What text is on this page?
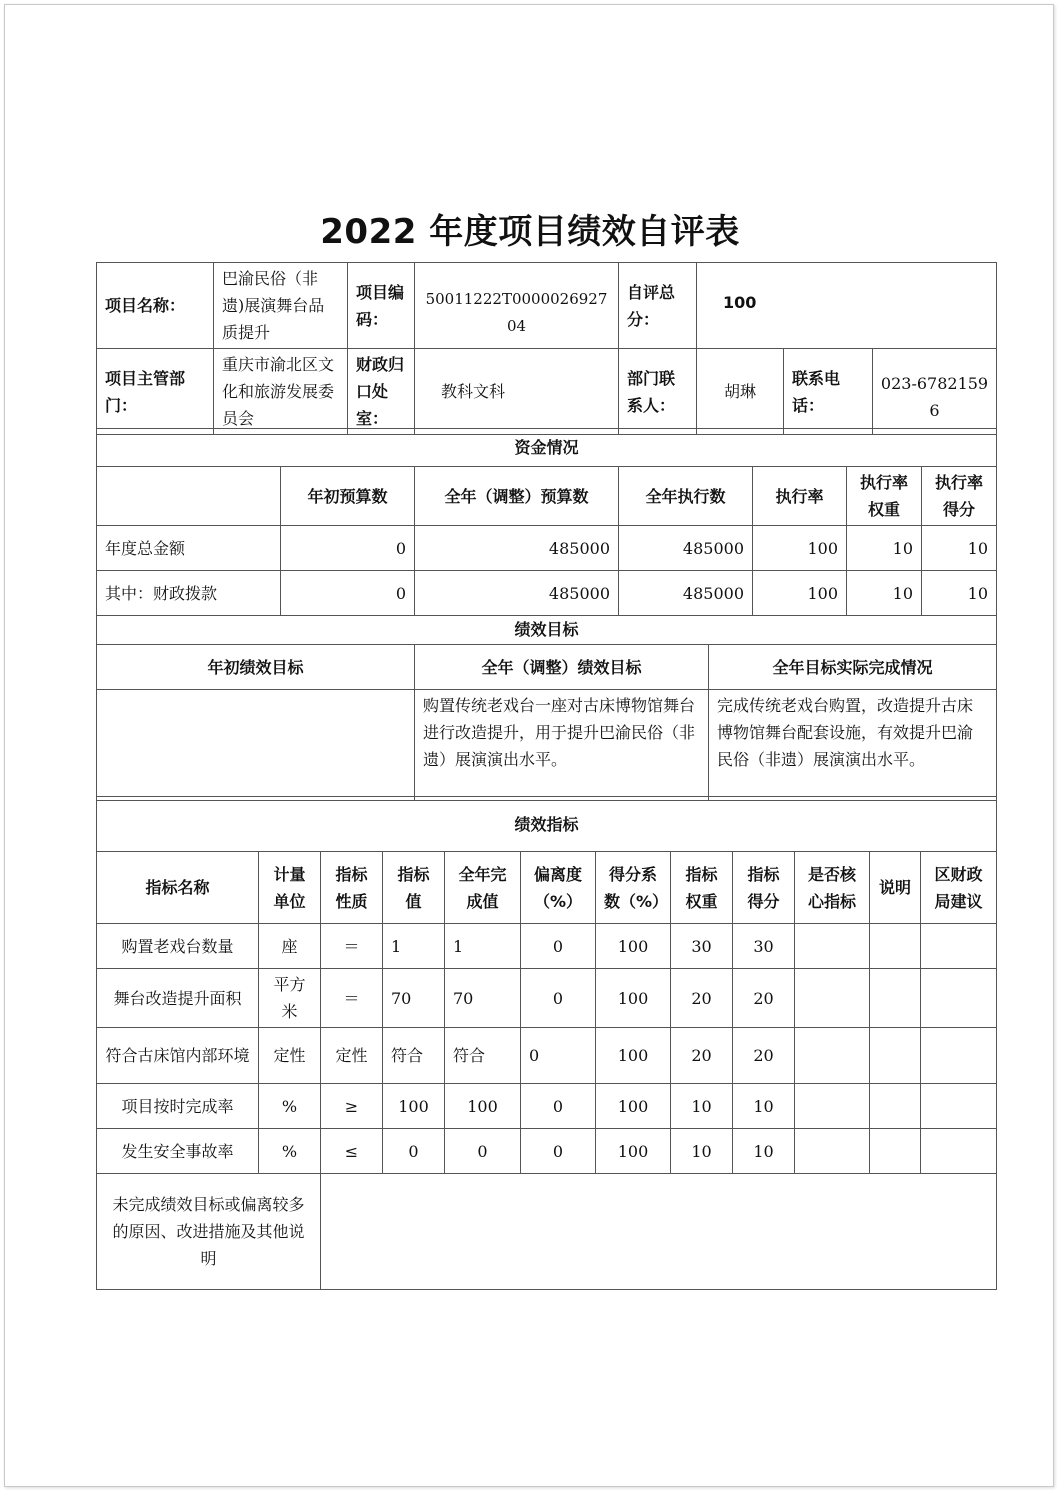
2022 年度项目绩效自评表
项目名称：	巴渝民俗（非遗)展演舞台品质提升	项目编码：	50011222T000002692704	自评总分：	100		
项目主管部门：	重庆市渝北区文化和旅游发展委员会	财政归口处室：	教科文科	部门联系人：	胡琳	联系电话：	023-67821596
资金情况							
	年初预算数	全年（调整）预算数	全年执行数		执行率	执行率权重	执行率得分
年度总金额	0	485000	485000		100	10	10
其中：财政拨款	0	485000	485000		100	10	10
绩效目标							
年初绩效目标		全年（调整）绩效目标		全年目标实际完成情况			
		购置传统老戏台一座对古床博物馆舞台进行改造提升，用于提升巴渝民俗（非遗）展演演出水平。		完成传统老戏台购置，改造提升古床博物馆舞台配套设施，有效提升巴渝民俗（非遗）展演演出水平。			
绩效指标											
指标名称	计量单位	指标性质	指标值	全年完成值	偏离度（%）	得分系数（%）	指标权重	指标得分	是否核心指标	说明	区财政局建议
购置老戏台数量	座	＝	1	1	0	100	30	30			
舞台改造提升面积	平方米	＝	70	70	0	100	20	20			
符合古床馆内部环境	定性	定性	符合	符合	0	100	20	20			
项目按时完成率	%	≥	100	100	0	100	10	10			
发生安全事故率	%	≤	0	0	0	100	10	10			
未完成绩效目标或偏离较多的原因、改进措施及其他说明											
